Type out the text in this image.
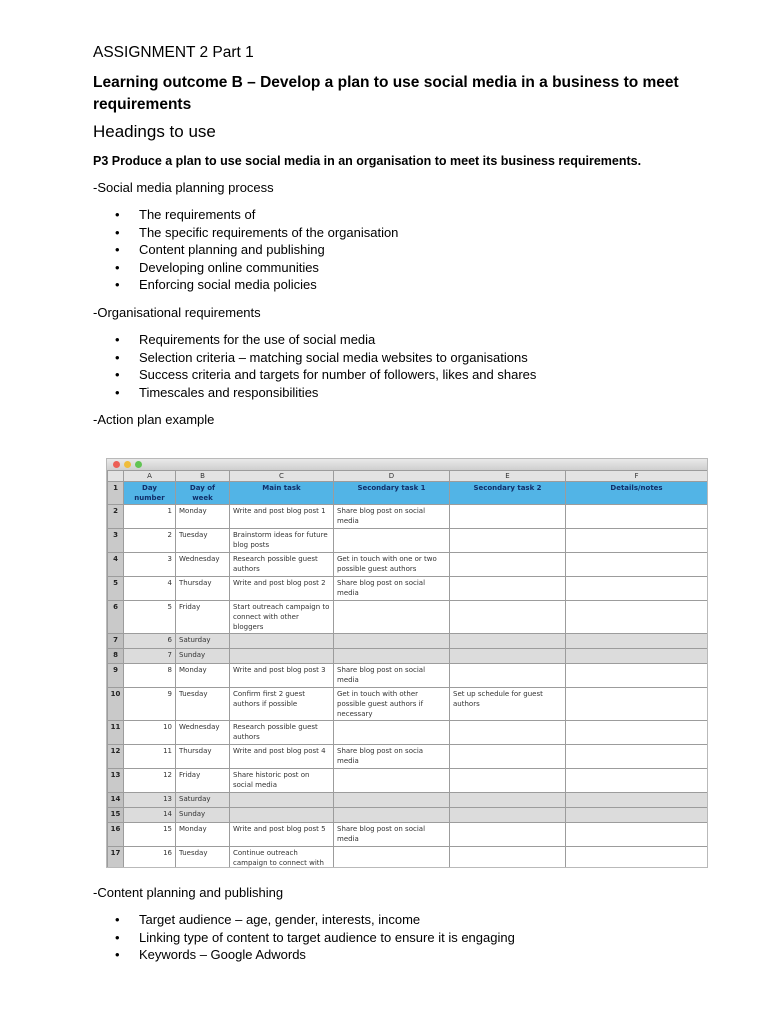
ASSIGNMENT 2 Part 1
Learning outcome B – Develop a plan to use social media in a business to meet requirements
Headings to use
P3 Produce a plan to use social media in an organisation to meet its business requirements.
-Social media planning process
• The requirements of
• The specific requirements of the organisation
• Content planning and publishing
• Developing online communities
• Enforcing social media policies
-Organisational requirements
• Requirements for the use of social media
• Selection criteria – matching social media websites to organisations
• Success criteria and targets for number of followers, likes and shares
• Timescales and responsibilities
-Action plan example
	A	B	C	D	E	F
1	Day number	Day of week	Main task	Secondary task 1	Secondary task 2	Details/notes
2	1	Monday	Write and post blog post 1	Share blog post on social media		
3	2	Tuesday	Brainstorm ideas for future blog posts			
4	3	Wednesday	Research possible guest authors	Get in touch with one or two possible guest authors		
5	4	Thursday	Write and post blog post 2	Share blog post on social media		
6	5	Friday	Start outreach campaign to connect with other bloggers			
7	6	Saturday				
8	7	Sunday				
9	8	Monday	Write and post blog post 3	Share blog post on social media		
10	9	Tuesday	Confirm first 2 guest authors if possible	Get in touch with other possible guest authors if necessary	Set up schedule for guest authors	
11	10	Wednesday	Research possible guest authors			
12	11	Thursday	Write and post blog post 4	Share blog post on socia media		
13	12	Friday	Share historic post on social media			
14	13	Saturday				
15	14	Sunday				
16	15	Monday	Write and post blog post 5	Share blog post on social media		
17	16	Tuesday	Continue outreach campaign to connect with			

-Content planning and publishing
• Target audience – age, gender, interests, income
• Linking type of content to target audience to ensure it is engaging
• Keywords – Google Adwords
